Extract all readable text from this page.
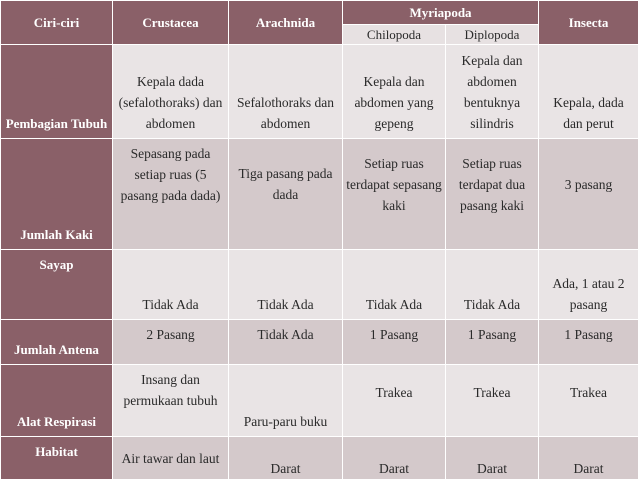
Ciri-ciri	Crustacea	Arachnida	Myriapoda		Insecta
			Chilopoda	Diplopoda	
Pembagian Tubuh	Kepala dada (sefalothoraks) dan abdomen	Sefalothoraks dan abdomen	Kepala dan abdomen yang gepeng	Kepala dan abdomen bentuknya silindris	Kepala, dada dan perut
Jumlah Kaki	Sepasang pada setiap ruas (5 pasang pada dada)	Tiga pasang pada dada	Setiap ruas terdapat sepasang kaki	Setiap ruas terdapat dua pasang kaki	3 pasang
Sayap	Tidak Ada	Tidak Ada	Tidak Ada	Tidak Ada	Ada, 1 atau 2 pasang
Jumlah Antena	2 Pasang	Tidak Ada	1 Pasang	1 Pasang	1 Pasang
Alat Respirasi	Insang dan permukaan tubuh	Paru-paru buku	Trakea	Trakea	Trakea
Habitat	Air tawar dan laut	Darat	Darat	Darat	Darat
